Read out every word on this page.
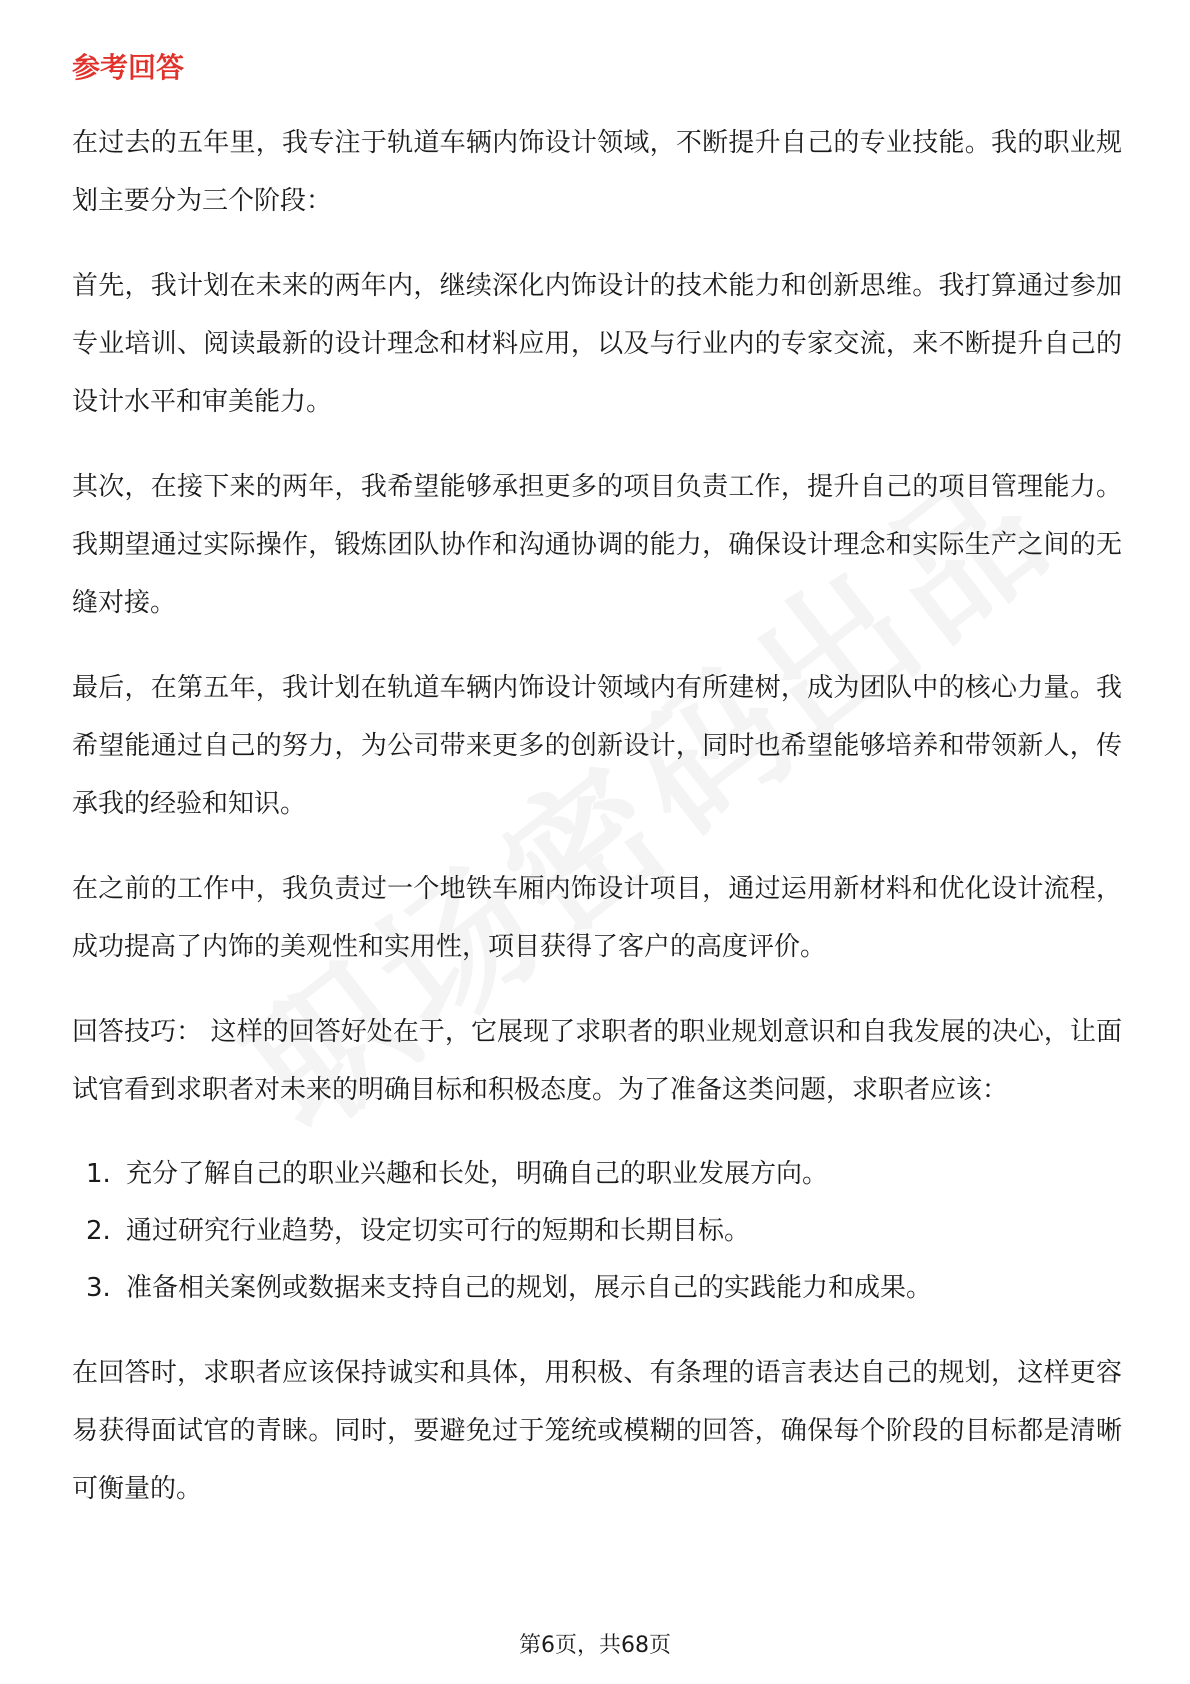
参考回答

在过去的五年里，我专注于轨道车辆内饰设计领域，不断提升自己的专业技能。我的职业规划主要分为三个阶段：

首先，我计划在未来的两年内，继续深化内饰设计的技术能力和创新思维。我打算通过参加专业培训、阅读最新的设计理念和材料应用，以及与行业内的专家交流，来不断提升自己的设计水平和审美能力。

其次，在接下来的两年，我希望能够承担更多的项目负责工作，提升自己的项目管理能力。我期望通过实际操作，锻炼团队协作和沟通协调的能力，确保设计理念和实际生产之间的无缝对接。

最后，在第五年，我计划在轨道车辆内饰设计领域内有所建树，成为团队中的核心力量。我希望能通过自己的努力，为公司带来更多的创新设计，同时也希望能够培养和带领新人，传承我的经验和知识。

在之前的工作中，我负责过一个地铁车厢内饰设计项目，通过运用新材料和优化设计流程，成功提高了内饰的美观性和实用性，项目获得了客户的高度评价。

回答技巧： 这样的回答好处在于，它展现了求职者的职业规划意识和自我发展的决心，让面试官看到求职者对未来的明确目标和积极态度。为了准备这类问题，求职者应该：

1. 充分了解自己的职业兴趣和长处，明确自己的职业发展方向。
2. 通过研究行业趋势，设定切实可行的短期和长期目标。
3. 准备相关案例或数据来支持自己的规划，展示自己的实践能力和成果。

在回答时，求职者应该保持诚实和具体，用积极、有条理的语言表达自己的规划，这样更容易获得面试官的青睐。同时，要避免过于笼统或模糊的回答，确保每个阶段的目标都是清晰可衡量的。

第6页，共68页
